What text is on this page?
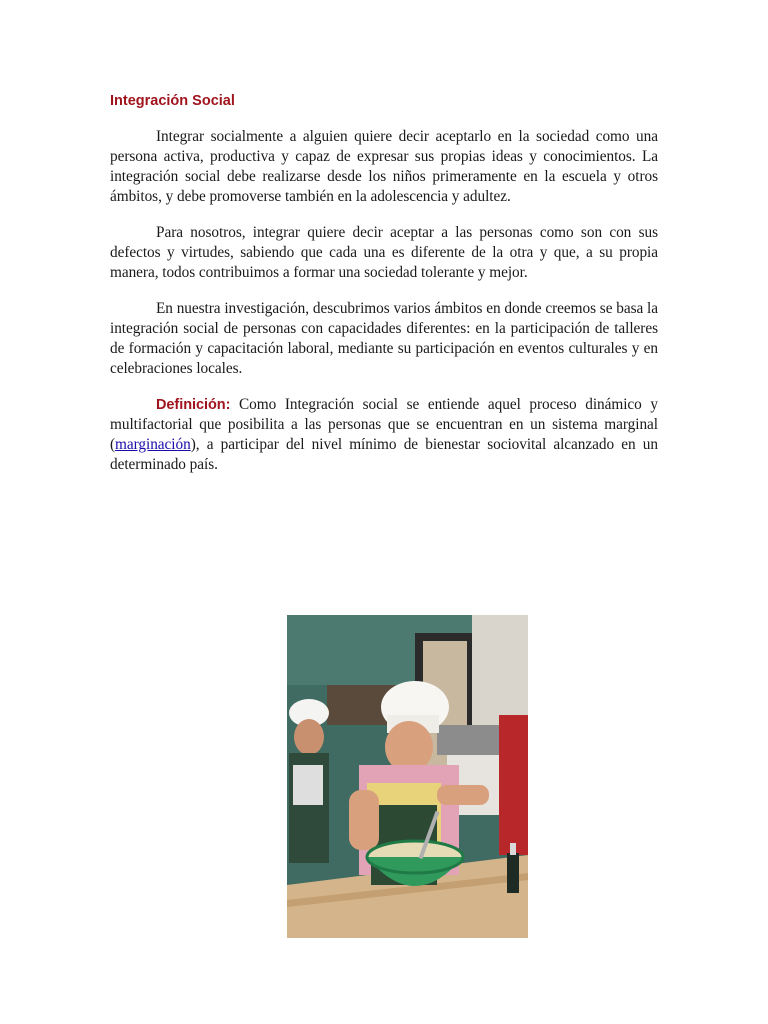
Integración Social

Integrar socialmente a alguien quiere decir aceptarlo en la sociedad como una persona activa, productiva y capaz de expresar sus propias ideas y conocimientos. La integración social debe realizarse desde los niños primeramente en la escuela y otros ámbitos, y debe promoverse también en la adolescencia y adultez.

Para nosotros, integrar quiere decir aceptar a las personas como son con sus defectos y virtudes, sabiendo que cada una es diferente de la otra y que, a su propia manera, todos contribuimos a formar una sociedad tolerante y mejor.

En nuestra investigación, descubrimos varios ámbitos en donde creemos se basa la integración social de personas con capacidades diferentes: en la participación de talleres de formación y capacitación laboral, mediante su participación en eventos culturales y en celebraciones locales.

Definición: Como Integración social se entiende aquel proceso dinámico y multifactorial que posibilita a las personas que se encuentran en un sistema marginal (marginación), a participar del nivel mínimo de bienestar sociovital alcanzado en un determinado país.
